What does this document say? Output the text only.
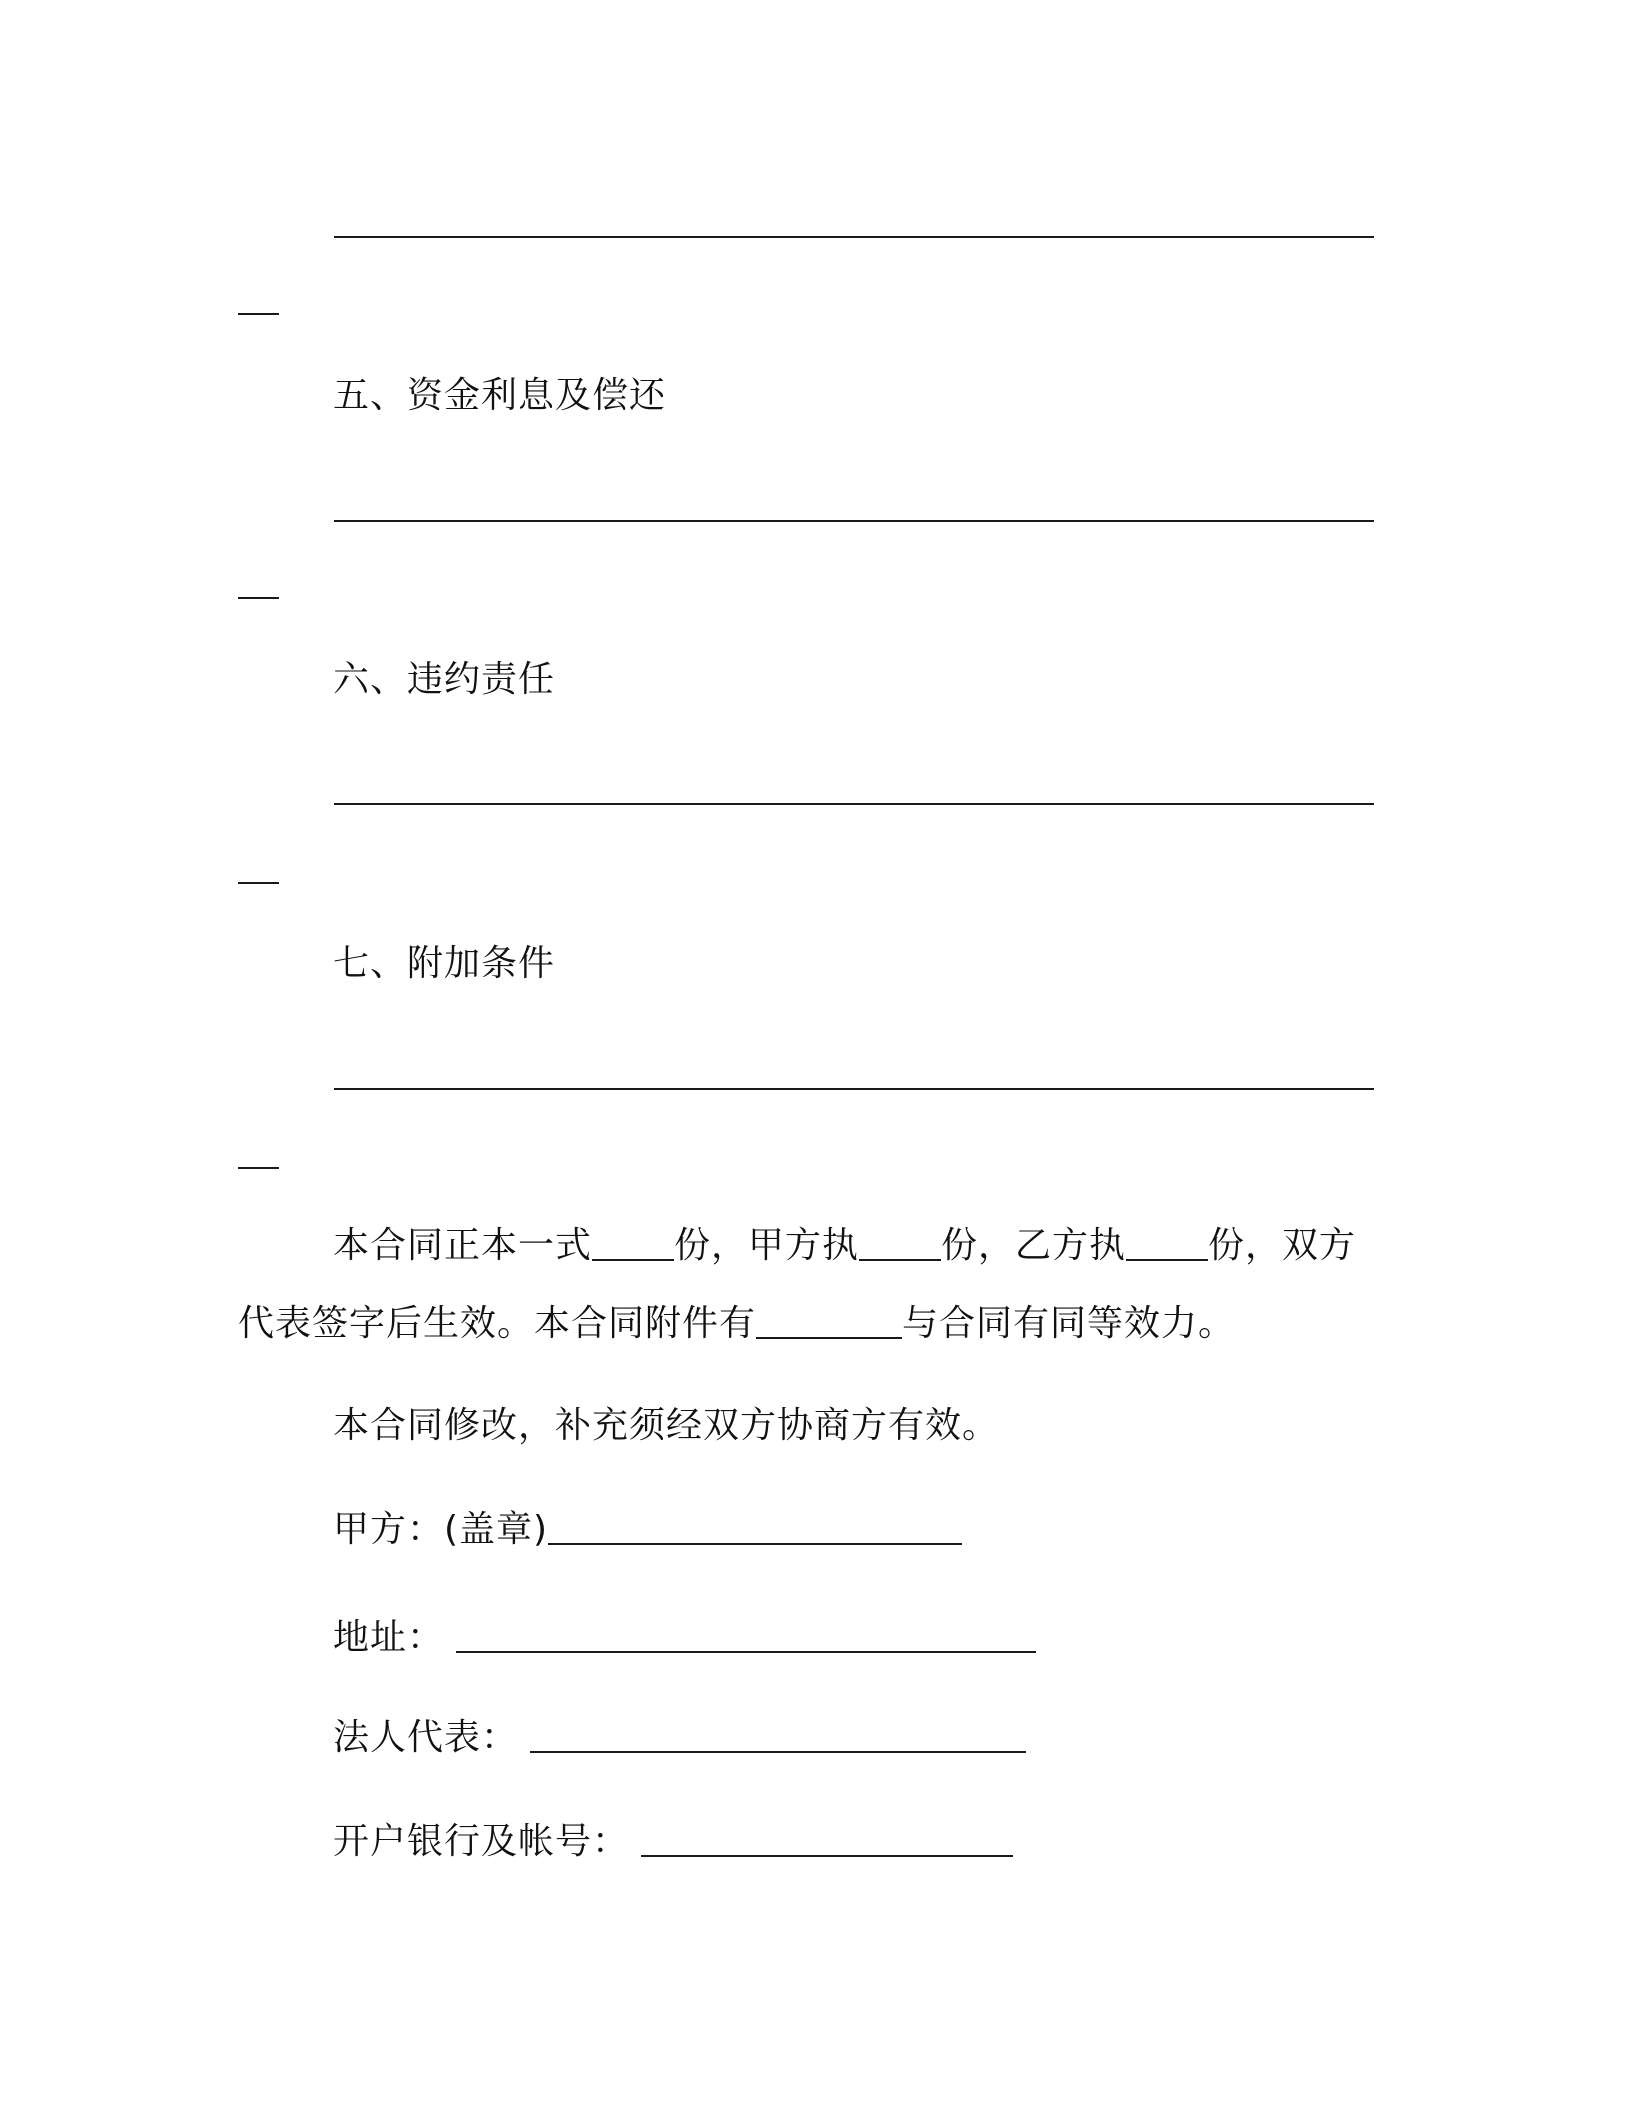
五、资金利息及偿还
六、违约责任
七、附加条件
本合同正本一式 份，甲方执 份，乙方执 份，双方
代表签字后生效。本合同附件有	与合同有同等效力。
本合同修改，补充须经双方协商方有效。
甲方：(盖章)
地址：
法人代表：
开户银行及帐号：
